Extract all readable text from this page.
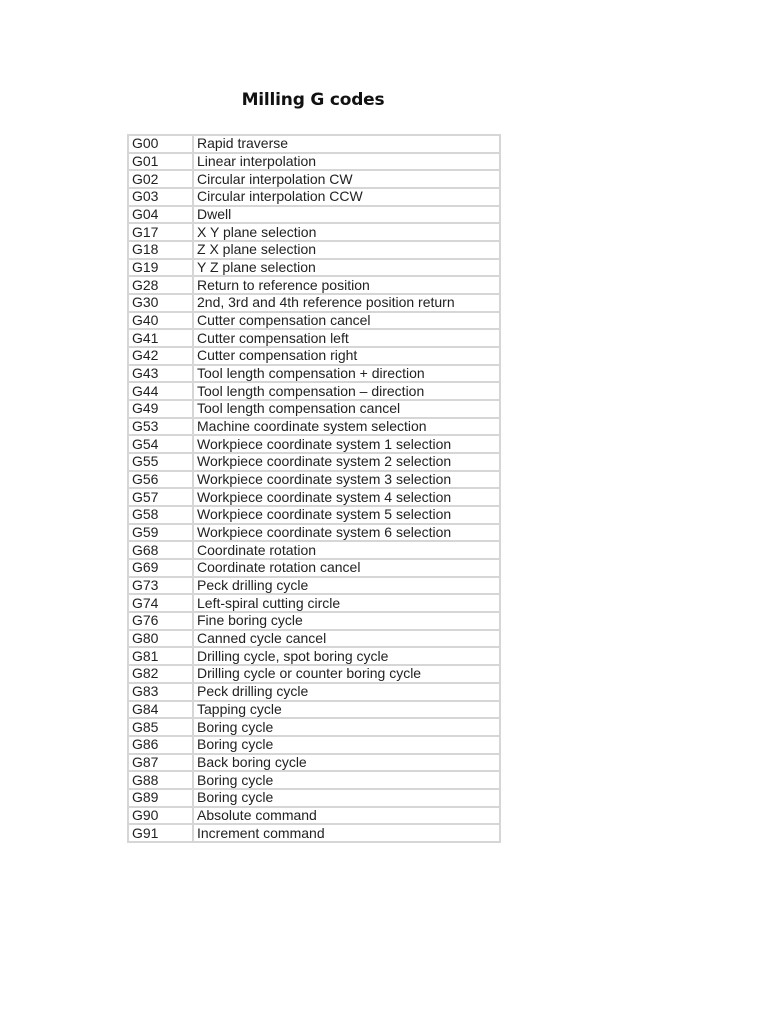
Milling G codes
G00	Rapid traverse
G01	Linear interpolation
G02	Circular interpolation CW
G03	Circular interpolation CCW
G04	Dwell
G17	X Y plane selection
G18	Z X plane selection
G19	Y Z plane selection
G28	Return to reference position
G30	2nd, 3rd and 4th reference position return
G40	Cutter compensation cancel
G41	Cutter compensation left
G42	Cutter compensation right
G43	Tool length compensation + direction
G44	Tool length compensation – direction
G49	Tool length compensation cancel
G53	Machine coordinate system selection
G54	Workpiece coordinate system 1 selection
G55	Workpiece coordinate system 2 selection
G56	Workpiece coordinate system 3 selection
G57	Workpiece coordinate system 4 selection
G58	Workpiece coordinate system 5 selection
G59	Workpiece coordinate system 6 selection
G68	Coordinate rotation
G69	Coordinate rotation cancel
G73	Peck drilling cycle
G74	Left-spiral cutting circle
G76	Fine boring cycle
G80	Canned cycle cancel
G81	Drilling cycle, spot boring cycle
G82	Drilling cycle or counter boring cycle
G83	Peck drilling cycle
G84	Tapping cycle
G85	Boring cycle
G86	Boring cycle
G87	Back boring cycle
G88	Boring cycle
G89	Boring cycle
G90	Absolute command
G91	Increment command
